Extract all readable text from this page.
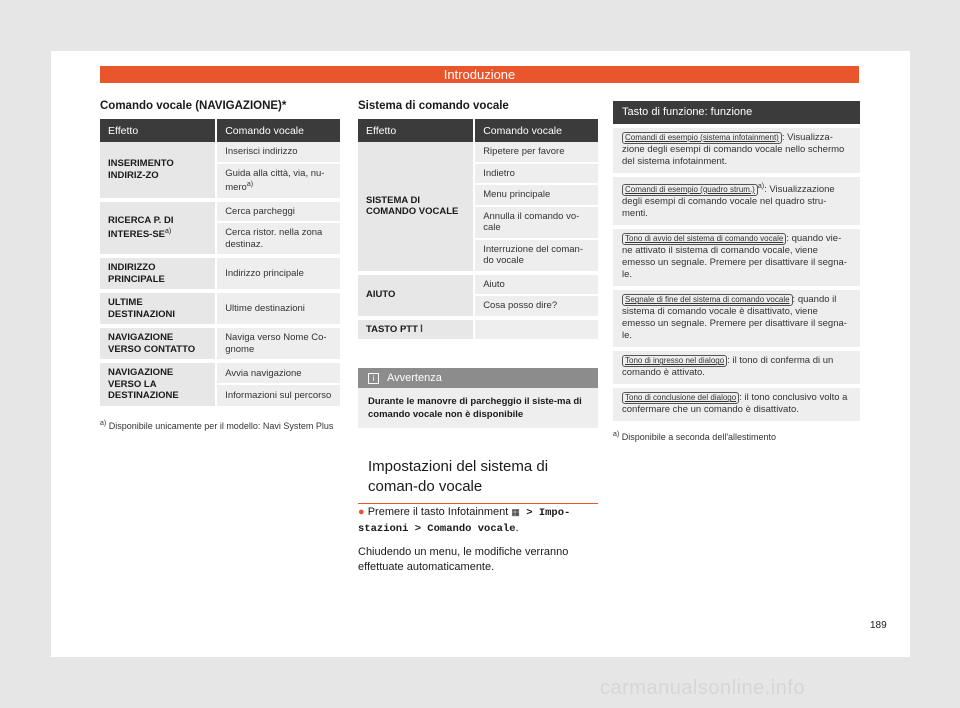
Introduzione
Comando vocale (NAVIGAZIONE)*
Effetto	Comando vocale
INSERIMENTO INDIRIZ-ZO	Inserisci indirizzo
	Guida alla città, via, nu-mero$^{a)}$
RICERCA P. DI INTERES-SE$^{a)}$	Cerca parcheggi
	Cerca ristor. nella zona destinaz.
INDIRIZZO PRINCIPALE	Indirizzo principale
ULTIME DESTINAZIONI	Ultime destinazioni
NAVIGAZIONE VERSO CONTATTO	Naviga verso Nome Co-gnome
NAVIGAZIONE VERSO LA DESTINAZIONE	Avvia navigazione
	Informazioni sul percorso
$^{a)}$ Disponibile unicamente per il modello: Navi System Plus
Sistema di comando vocale
Effetto	Comando vocale
SISTEMA DI COMANDO VOCALE	Ripetere per favore
	Indietro
	Menu principale
	Annulla il comando vo-cale
	Interruzione del coman-do vocale
AIUTO	Aiuto
	Cosa posso dire?
TASTO PTT ⦚	
i Avvertenza
Durante le manovre di parcheggio il siste-ma di comando vocale non è disponibile
Impostazioni del sistema di coman-do vocale
● Premere il tasto Infotainment ▦ > Impo-stazioni > Comando vocale.
Chiudendo un menu, le modifiche verranno effettuate automaticamente.
Tasto di funzione: funzione
Comandi di esempio (sistema infotainment) : Visualizza-zione degli esempi di comando vocale nello schermo del sistema infotainment.
Comandi di esempio (quadro strum.) $^{a)}$: Visualizzazione degli esempi di comando vocale nel quadro stru-menti.
Tono di avvio del sistema di comando vocale : quando vie-ne attivato il sistema di comando vocale, viene emesso un segnale. Premere per disattivare il segna-le.
Segnale di fine del sistema di comando vocale : quando il sistema di comando vocale è disattivato, viene emesso un segnale. Premere per disattivare il segna-le.
Tono di ingresso nel dialogo : il tono di conferma di un comando è attivato.
Tono di conclusione del dialogo : il tono conclusivo volto a confermare che un comando è disattivato.
$^{a)}$ Disponibile a seconda dell'allestimento
189
carmanualsonline.info
